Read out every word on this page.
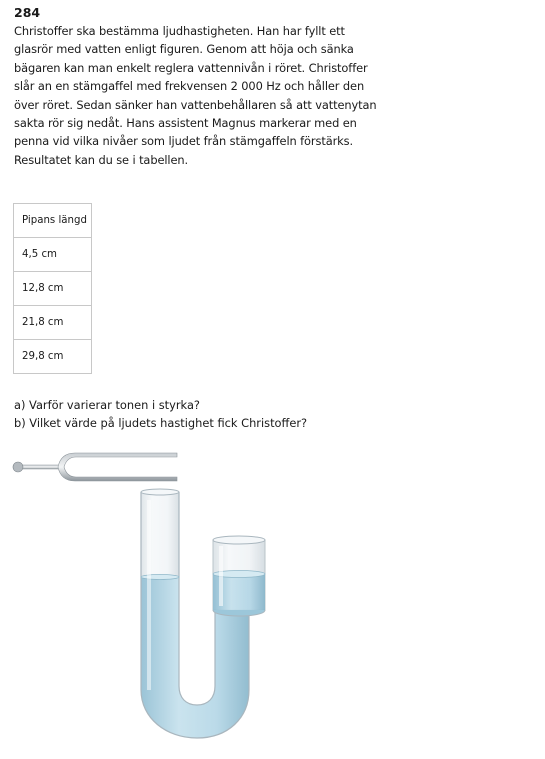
284
Christoffer ska bestämma ljudhastigheten. Han har fyllt ett
glasrör med vatten enligt figuren. Genom att höja och sänka
bägaren kan man enkelt reglera vattennivån i röret. Christoffer
slår an en stämgaffel med frekvensen 2 000 Hz och håller den
över röret. Sedan sänker han vattenbehållaren så att vattenytan
sakta rör sig nedåt. Hans assistent Magnus markerar med en
penna vid vilka nivåer som ljudet från stämgaffeln förstärks.
Resultatet kan du se i tabellen.
Pipans längd
4,5 cm
12,8 cm
21,8 cm
29,8 cm
a) Varför varierar tonen i styrka?
b) Vilket värde på ljudets hastighet fick Christoffer?
